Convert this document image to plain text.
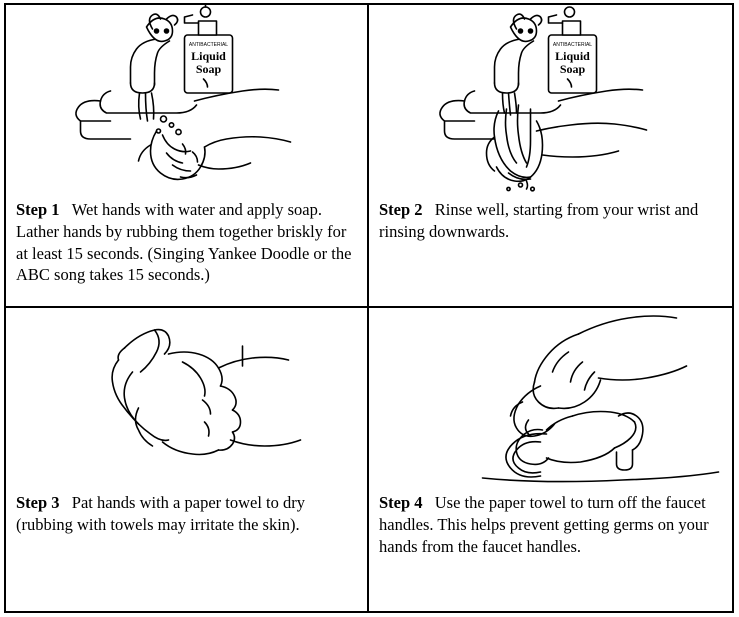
ANTIBACTERIAL
Liquid
Soap
Step 1 Wet hands with water and apply soap. Lather hands by rubbing them together briskly for at least 15 seconds. (Singing Yankee Doodle or the ABC song takes 15 seconds.)
ANTIBACTERIAL
Liquid
Soap
Step 2 Rinse well, starting from your wrist and rinsing downwards.
Step 3 Pat hands with a paper towel to dry (rubbing with towels may irritate the skin).
Step 4 Use the paper towel to turn off the faucet handles. This helps prevent getting germs on your hands from the faucet handles.
